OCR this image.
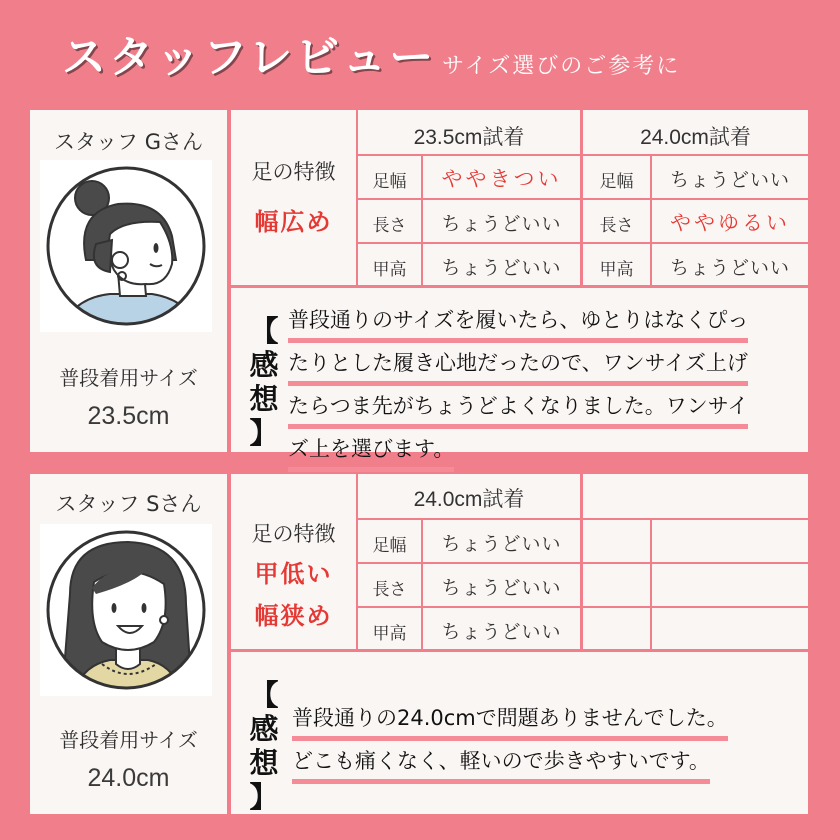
スタッフレビュー サイズ選びのご参考に
スタッフ Gさん
普段着用サイズ
23.5cm
足の特徴
幅広め
23.5cm試着
足幅	ややきつい
長さ	ちょうどいい
甲高	ちょうどいい
24.0cm試着
足幅	ちょうどいい
長さ	ややゆるい
甲高	ちょうどいい
【
感
想
】
普段通りのサイズを履いたら、ゆとりはなくぴっ
たりとした履き心地だったので、ワンサイズ上げ
たらつま先がちょうどよくなりました。ワンサイ
ズ上を選びます。
スタッフ Sさん
普段着用サイズ
24.0cm
足の特徴
甲低い
幅狭め
24.0cm試着
足幅	ちょうどいい
長さ	ちょうどいい
甲高	ちょうどいい
【
感
想
】
普段通りの24.0cmで問題ありませんでした。
どこも痛くなく、軽いので歩きやすいです。
